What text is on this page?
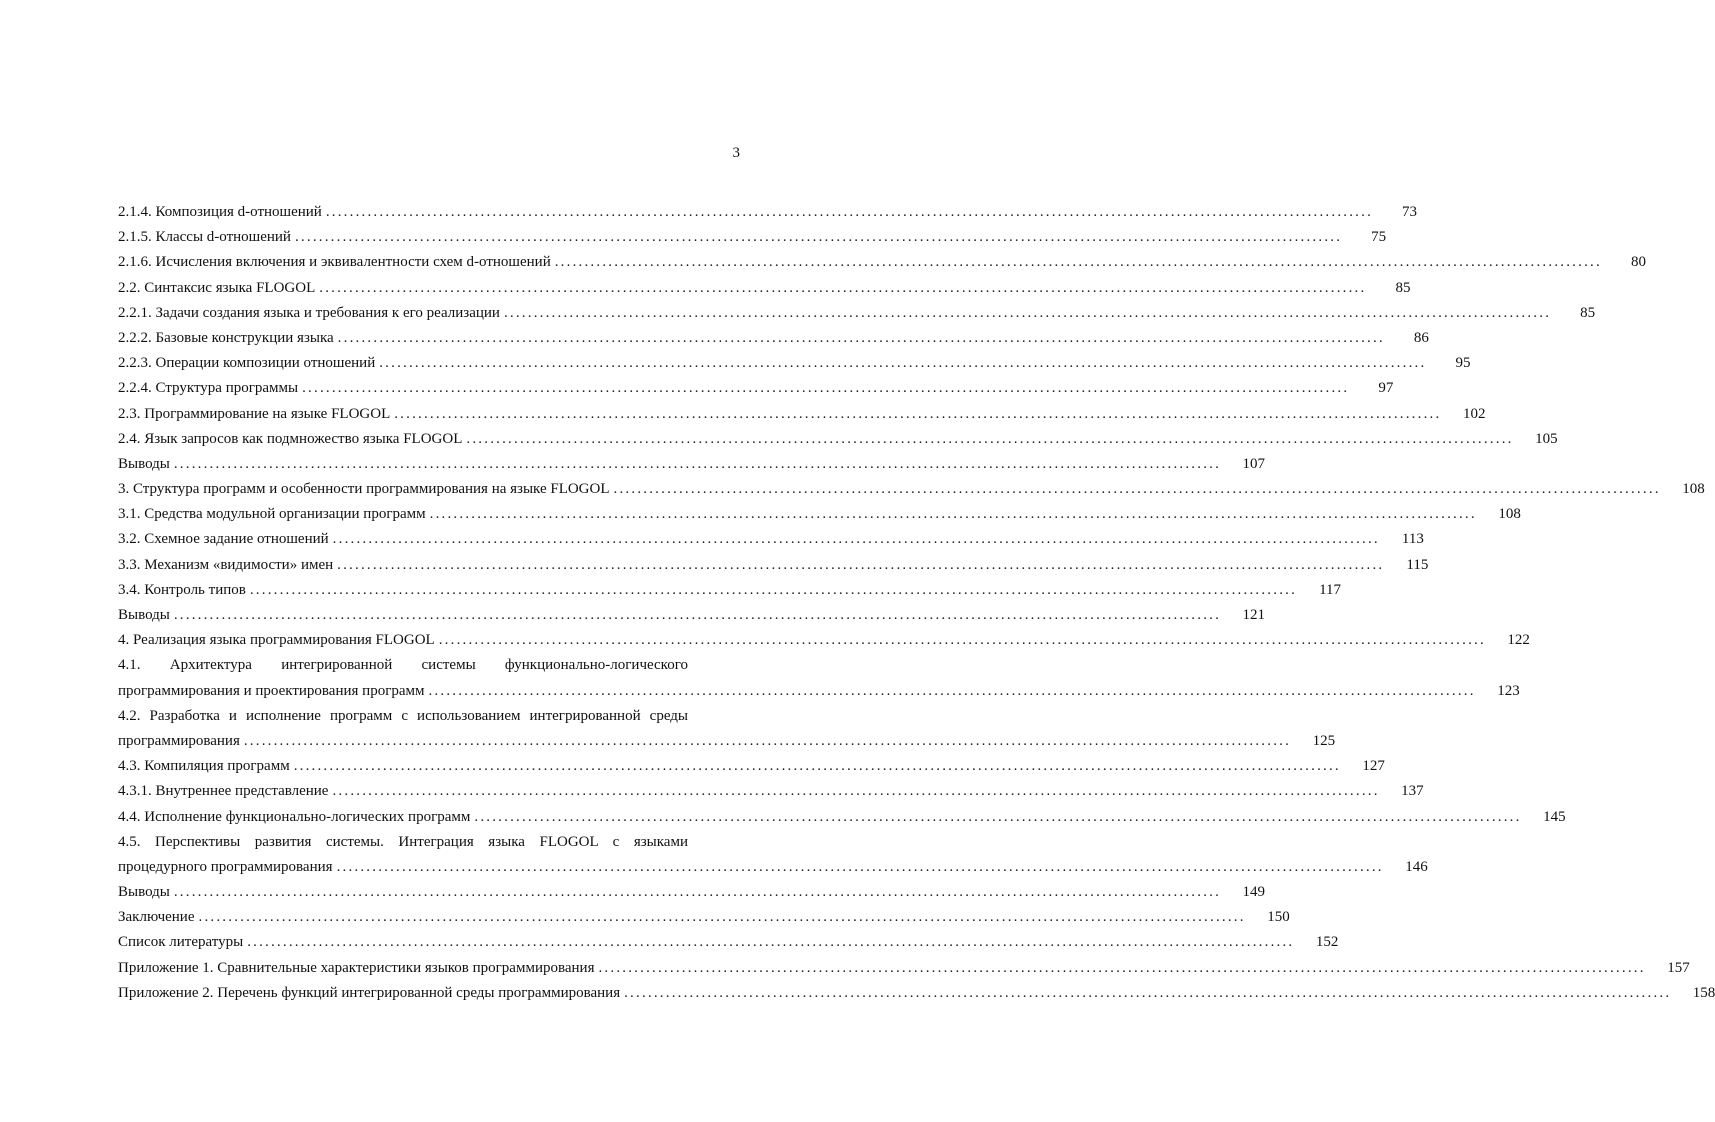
3
2.1.4. Композиция d-отношений ................................................................................................................................................................................	73
2.1.5. Классы d-отношений ................................................................................................................................................................................	75
2.1.6. Исчисления включения и эквивалентности схем d-отношений ................................................................................................................................................................................	80
2.2. Синтаксис языка FLOGOL ................................................................................................................................................................................	85
2.2.1. Задачи создания языка и требования к его реализации ................................................................................................................................................................................	85
2.2.2. Базовые конструкции языка ................................................................................................................................................................................	86
2.2.3. Операции композиции отношений ................................................................................................................................................................................	95
2.2.4. Структура программы ................................................................................................................................................................................	97
2.3. Программирование на языке FLOGOL ................................................................................................................................................................................	102
2.4. Язык запросов как подмножество языка FLOGOL ................................................................................................................................................................................	105
Выводы ................................................................................................................................................................................	107
3. Структура программ и особенности программирования на языке FLOGOL ................................................................................................................................................................................	108
3.1. Средства модульной организации программ ................................................................................................................................................................................	108
3.2. Схемное задание отношений ................................................................................................................................................................................	113
3.3. Механизм «видимости» имен ................................................................................................................................................................................	115
3.4. Контроль типов ................................................................................................................................................................................	117
Выводы ................................................................................................................................................................................	121
4. Реализация языка программирования FLOGOL ................................................................................................................................................................................	122
4.1. Архитектура интегрированной системы функционально-логического
программирования и проектирования программ ................................................................................................................................................................................	123
4.2. Разработка и исполнение программ с использованием интегрированной среды
программирования ................................................................................................................................................................................	125
4.3. Компиляция программ ................................................................................................................................................................................	127
4.3.1. Внутреннее представление ................................................................................................................................................................................	137
4.4. Исполнение функционально-логических программ ................................................................................................................................................................................	145
4.5. Перспективы развития системы. Интеграция языка FLOGOL с языками
процедурного программирования ................................................................................................................................................................................	146
Выводы ................................................................................................................................................................................	149
Заключение ................................................................................................................................................................................	150
Список литературы ................................................................................................................................................................................	152
Приложение 1. Сравнительные характеристики языков программирования ................................................................................................................................................................................	157
Приложение 2. Перечень функций интегрированной среды программирования ................................................................................................................................................................................	158
